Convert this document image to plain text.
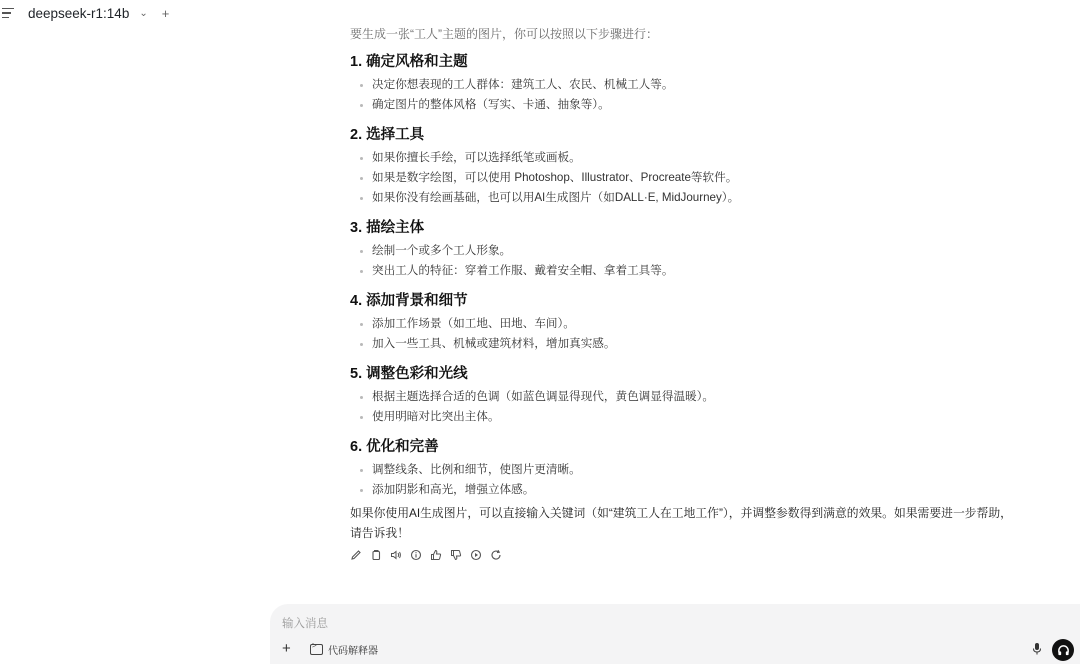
deepseek-r1:14b ⌄ +

要生成一张“工人”主题的图片，你可以按照以下步骤进行：

1. 确定风格和主题
决定你想表现的工人群体：建筑工人、农民、机械工人等。
确定图片的整体风格（写实、卡通、抽象等）。
2. 选择工具
如果你擅长手绘，可以选择纸笔或画板。
如果是数字绘图，可以使用 Photoshop、Illustrator、Procreate等软件。
如果你没有绘画基础，也可以用AI生成图片（如DALL·E, MidJourney）。
3. 描绘主体
绘制一个或多个工人形象。
突出工人的特征：穿着工作服、戴着安全帽、拿着工具等。
4. 添加背景和细节
添加工作场景（如工地、田地、车间）。
加入一些工具、机械或建筑材料，增加真实感。
5. 调整色彩和光线
根据主题选择合适的色调（如蓝色调显得现代，黄色调显得温暖）。
使用明暗对比突出主体。
6. 优化和完善
调整线条、比例和细节，使图片更清晰。
添加阴影和高光，增强立体感。

如果你使用AI生成图片，可以直接输入关键词（如“建筑工人在工地工作”），并调整参数得到满意的效果。如果需要进一步帮助，请告诉我！

输入消息
+
>	代码解释器
